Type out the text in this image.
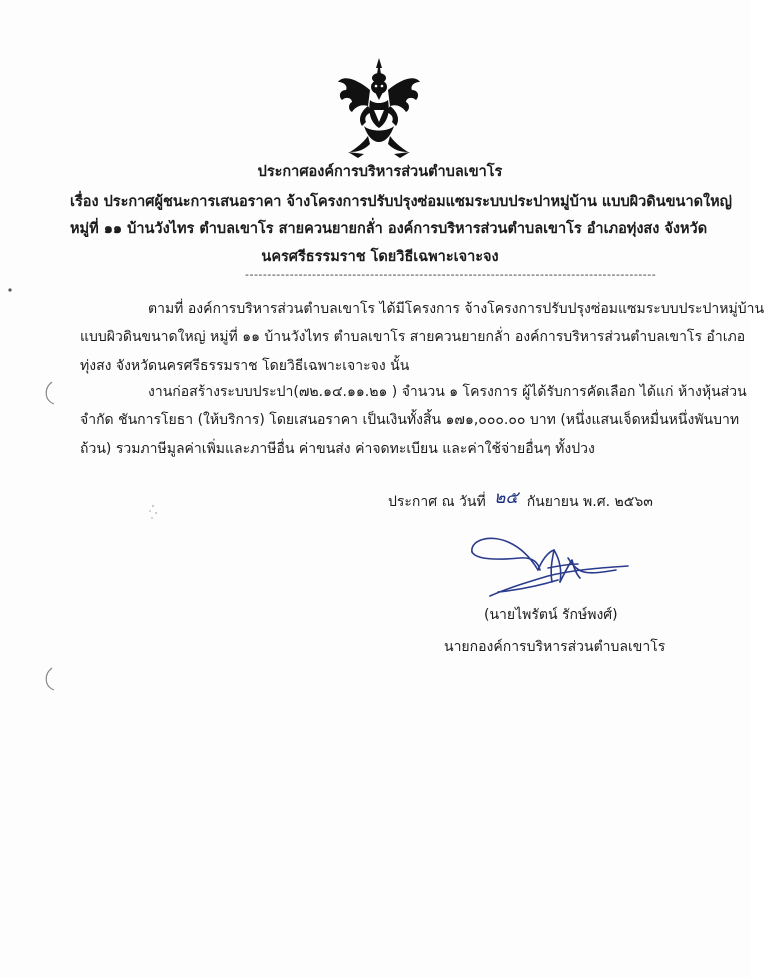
ประกาศองค์การบริหารส่วนตำบลเขาโร
เรื่อง ประกาศผู้ชนะการเสนอราคา จ้างโครงการปรับปรุงซ่อมแซมระบบประปาหมู่บ้าน แบบผิวดินขนาดใหญ่
หมู่ที่ ๑๑ บ้านวังไทร ตำบลเขาโร สายควนยายกลั่า องค์การบริหารส่วนตำบลเขาโร อำเภอทุ่งสง จังหวัด
นครศรีธรรมราช โดยวิธีเฉพาะเจาะจง
--------------------------------------------------------------------------------------------
ตามที่ องค์การบริหารส่วนตำบลเขาโร ได้มีโครงการ จ้างโครงการปรับปรุงซ่อมแซมระบบประปาหมู่บ้าน
แบบผิวดินขนาดใหญ่ หมู่ที่ ๑๑ บ้านวังไทร ตำบลเขาโร สายควนยายกลั่า องค์การบริหารส่วนตำบลเขาโร อำเภอ
ทุ่งสง จังหวัดนครศรีธรรมราช โดยวิธีเฉพาะเจาะจง นั้น
งานก่อสร้างระบบประปา(๗๒.๑๔.๑๑.๒๑ ) จำนวน ๑ โครงการ ผู้ได้รับการคัดเลือก ได้แก่ ห้างหุ้นส่วน
จำกัด ชันการโยธา (ให้บริการ) โดยเสนอราคา เป็นเงินทั้งสิ้น ๑๗๑,๐๐๐.๐๐ บาท (หนึ่งแสนเจ็ดหมื่นหนึ่งพันบาท
ถ้วน) รวมภาษีมูลค่าเพิ่มและภาษีอื่น ค่าขนส่ง ค่าจดทะเบียน และค่าใช้จ่ายอื่นๆ ทั้งปวง
ประกาศ ณ วันที่ ๒๕ กันยายน พ.ศ. ๒๕๖๓
(นายไพรัตน์ รักษ์พงศ์)
นายกองค์การบริหารส่วนตำบลเขาโร
